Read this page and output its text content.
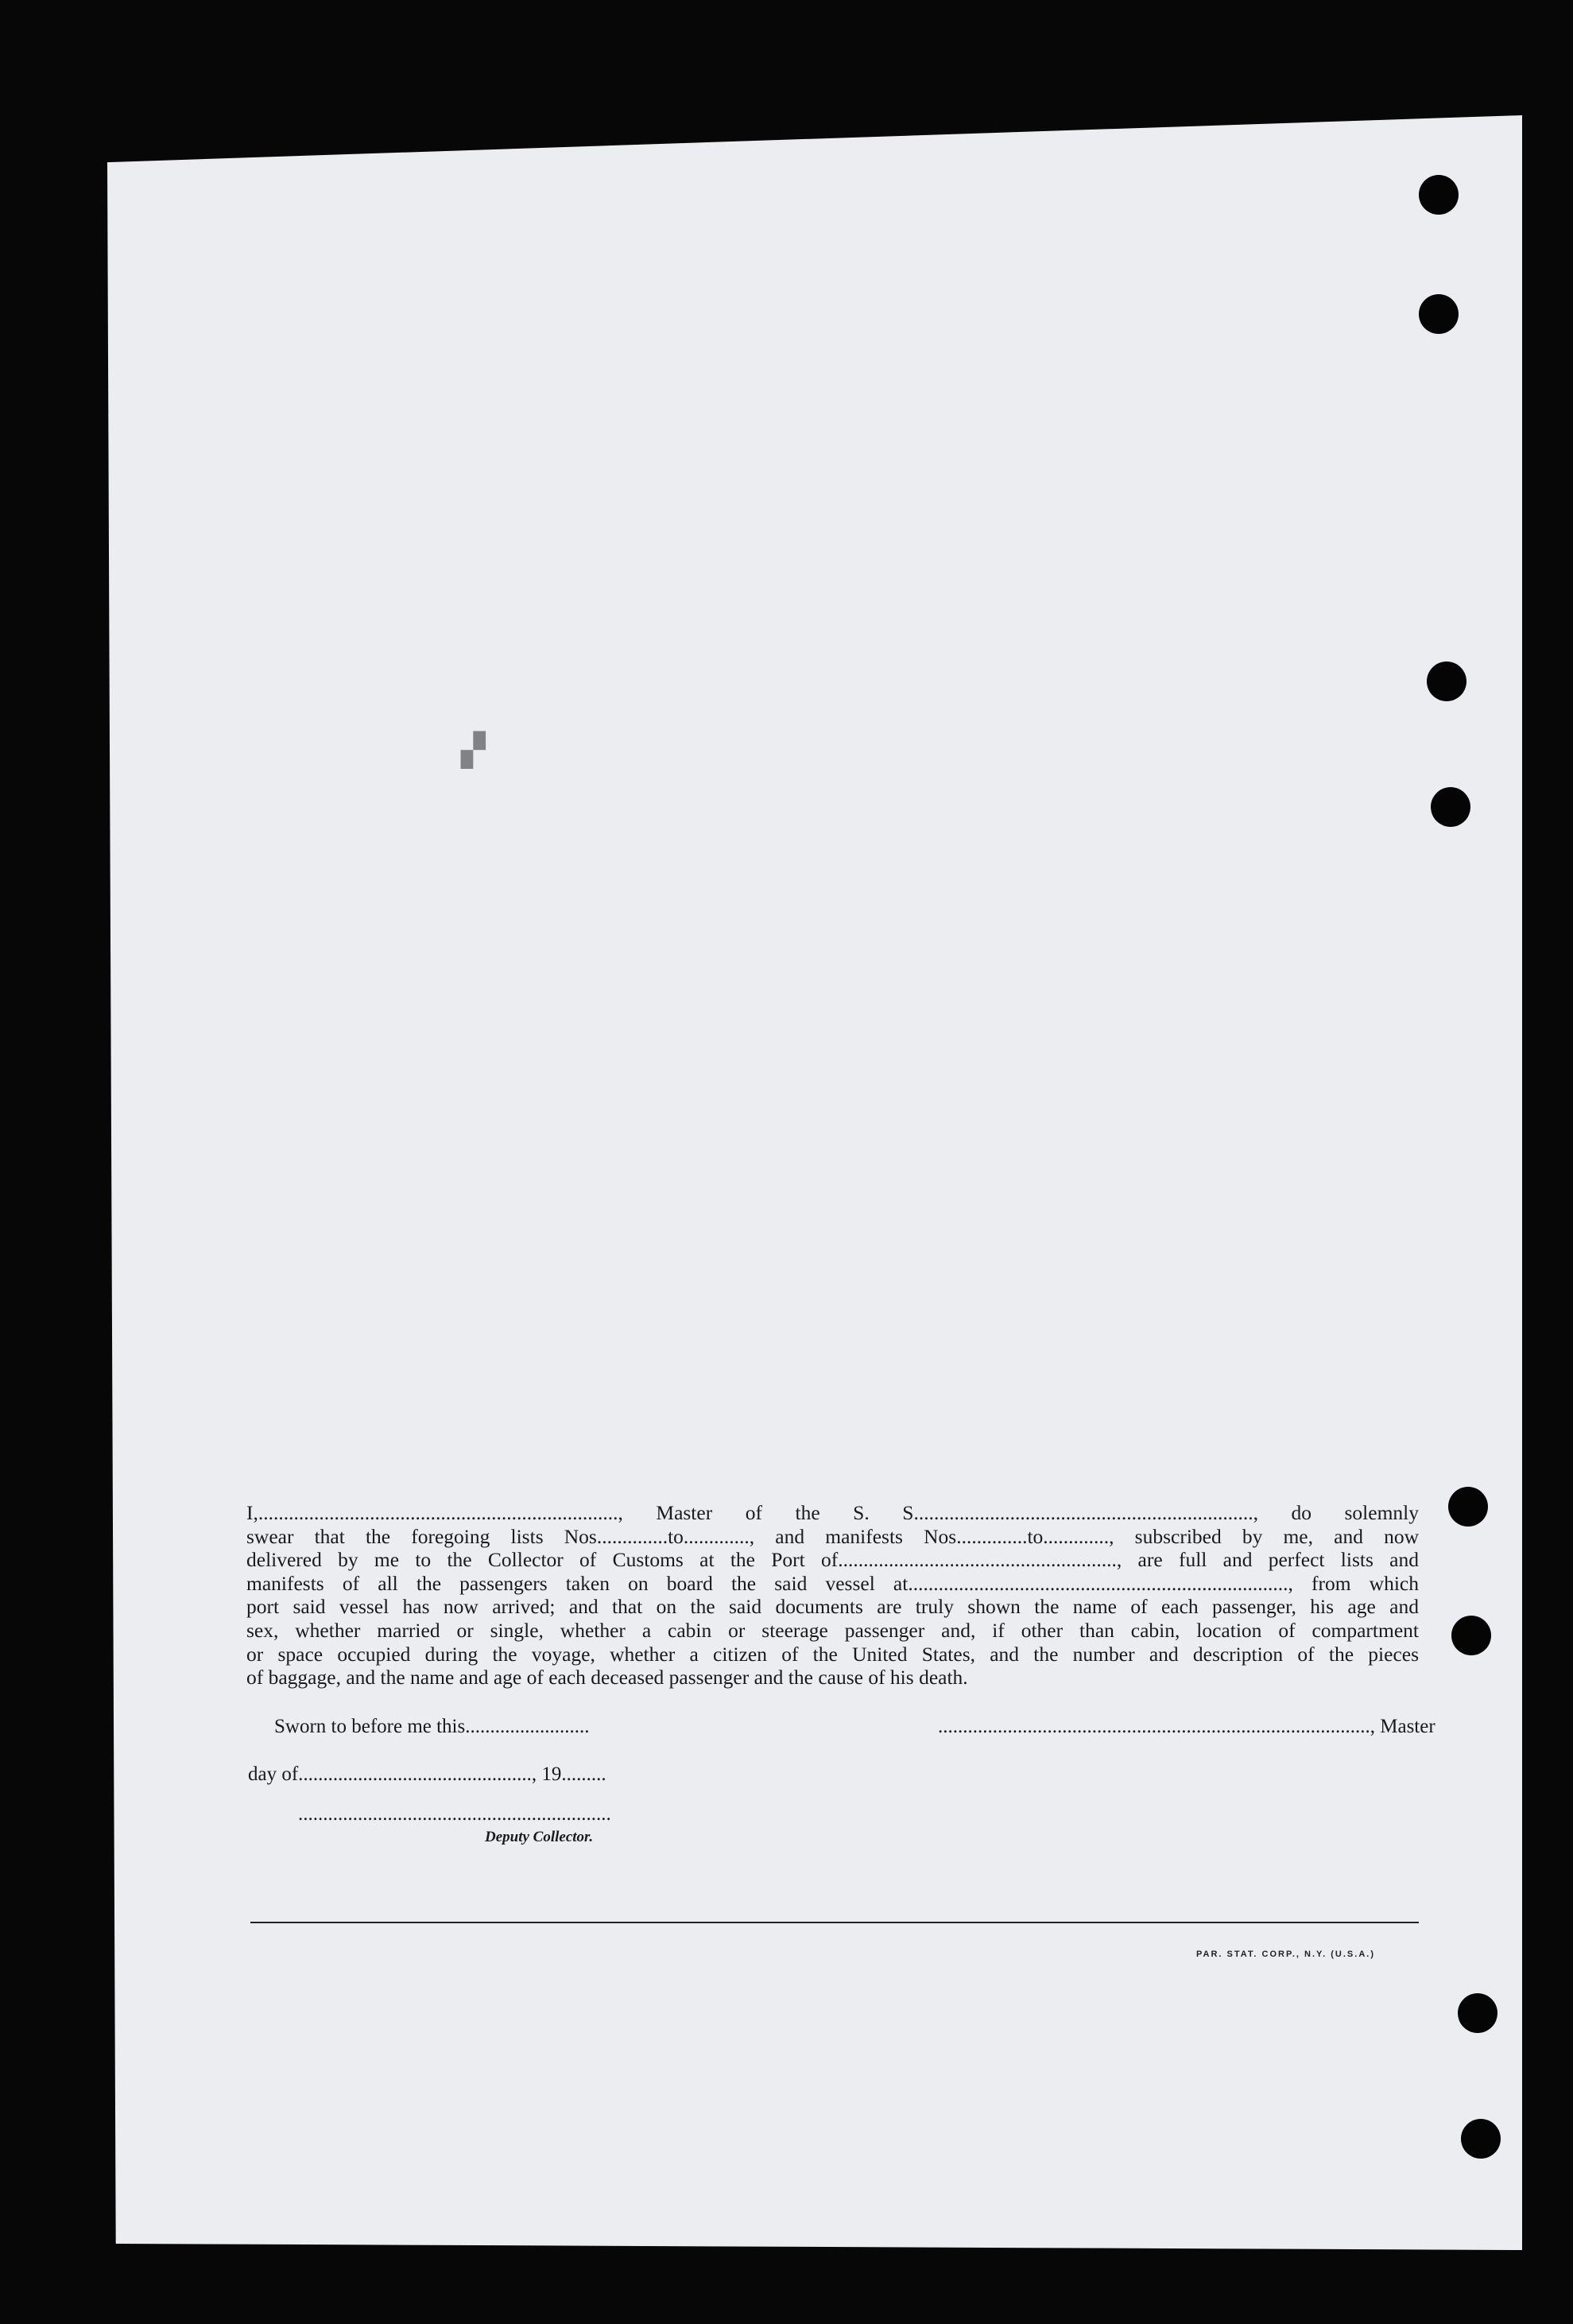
▞
I,......................................................................., Master of the S. S..................................................................., do solemnly
swear that the foregoing lists Nos..............to............., and manifests Nos..............to............., subscribed by me, and now
delivered by me to the Collector of Customs at the Port of......................................................., are full and perfect lists and
manifests of all the passengers taken on board the said vessel at..........................................................................., from which
port said vessel has now arrived; and that on the said documents are truly shown the name of each passenger, his age and
sex, whether married or single, whether a cabin or steerage passenger and, if other than cabin, location of compartment
or space occupied during the voyage, whether a citizen of the United States, and the number and description of the pieces
of baggage, and the name and age of each deceased passenger and the cause of his death.
Sworn to before me this.........................	......................................................................................., Master
day of..............................................., 19.........
...............................................................
Deputy Collector.
PAR. STAT. CORP., N.Y. (U.S.A.)
